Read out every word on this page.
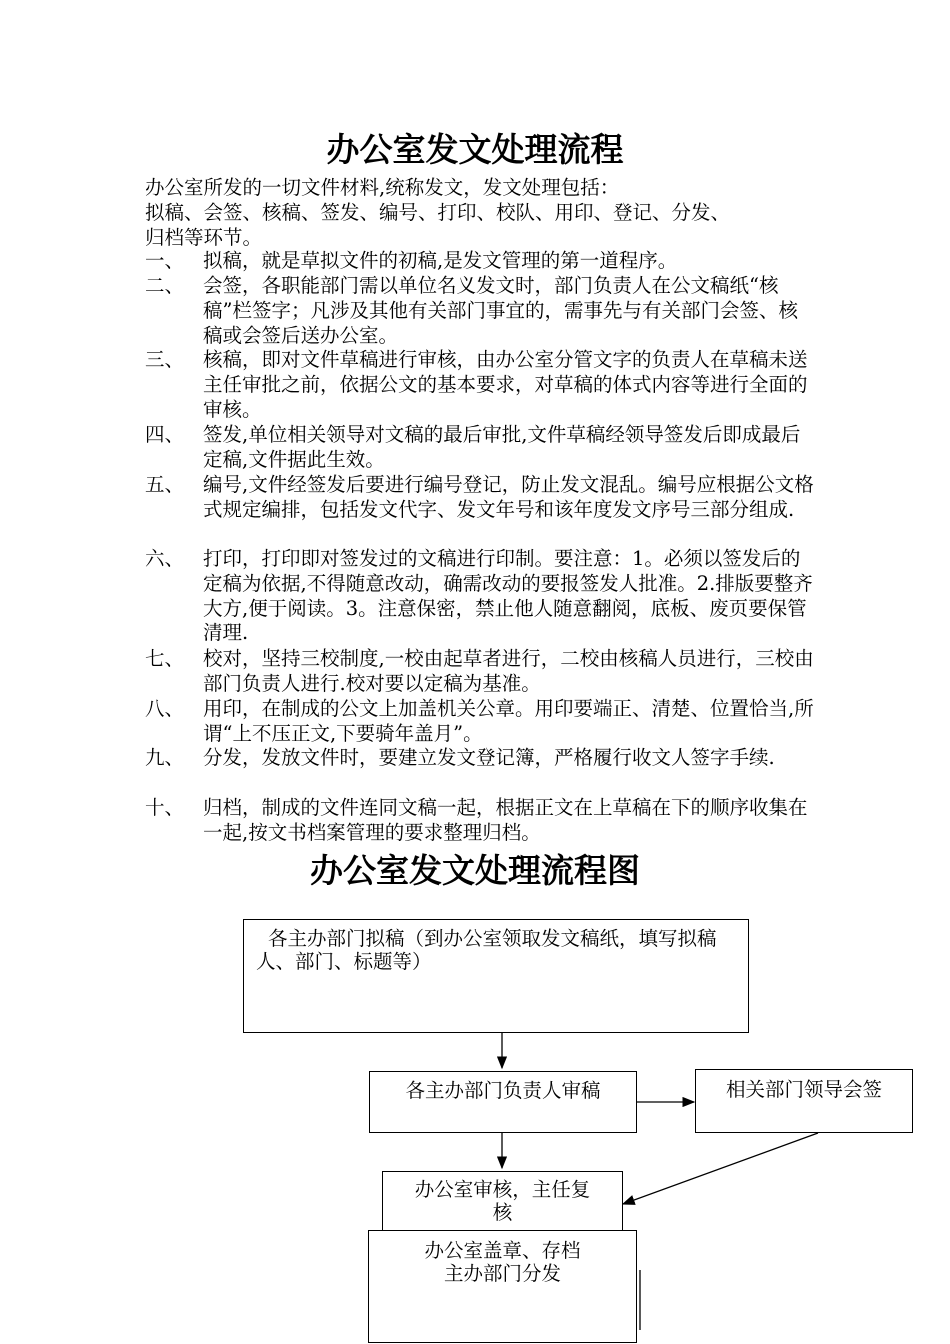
办公室发文处理流程
办公室所发的一切文件材料,统称发文，发文处理包括：
拟稿、会签、核稿、签发、编号、打印、校队、用印、登记、分发、
归档等环节。
一、 拟稿，就是草拟文件的初稿,是发文管理的第一道程序。
二、 会签，各职能部门需以单位名义发文时，部门负责人在公文稿纸“核稿”栏签字；凡涉及其他有关部门事宜的，需事先与有关部门会签、核稿或会签后送办公室。
三、 核稿，即对文件草稿进行审核，由办公室分管文字的负责人在草稿未送主任审批之前，依据公文的基本要求，对草稿的体式内容等进行全面的审核。
四、 签发,单位相关领导对文稿的最后审批,文件草稿经领导签发后即成最后定稿,文件据此生效。
五、 编号,文件经签发后要进行编号登记，防止发文混乱。编号应根据公文格式规定编排，包括发文代字、发文年号和该年度发文序号三部分组成.
六、 打印，打印即对签发过的文稿进行印制。要注意：1。必须以签发后的定稿为依据,不得随意改动，确需改动的要报签发人批准。2.排版要整齐大方,便于阅读。3。注意保密，禁止他人随意翻阅，底板、废页要保管清理.
七、 校对，坚持三校制度,一校由起草者进行，二校由核稿人员进行，三校由部门负责人进行.校对要以定稿为基准。
八、 用印，在制成的公文上加盖机关公章。用印要端正、清楚、位置恰当,所谓“上不压正文,下要骑年盖月”。
九、 分发，发放文件时，要建立发文登记簿，严格履行收文人签字手续.
十、 归档，制成的文件连同文稿一起，根据正文在上草稿在下的顺序收集在一起,按文书档案管理的要求整理归档。
办公室发文处理流程图
各主办部门拟稿（到办公室领取发文稿纸，填写拟稿人、部门、标题等）
各主办部门负责人审稿	相关部门领导会签
办公室审核，主任复核
办公室盖章、存档
主办部门分发
